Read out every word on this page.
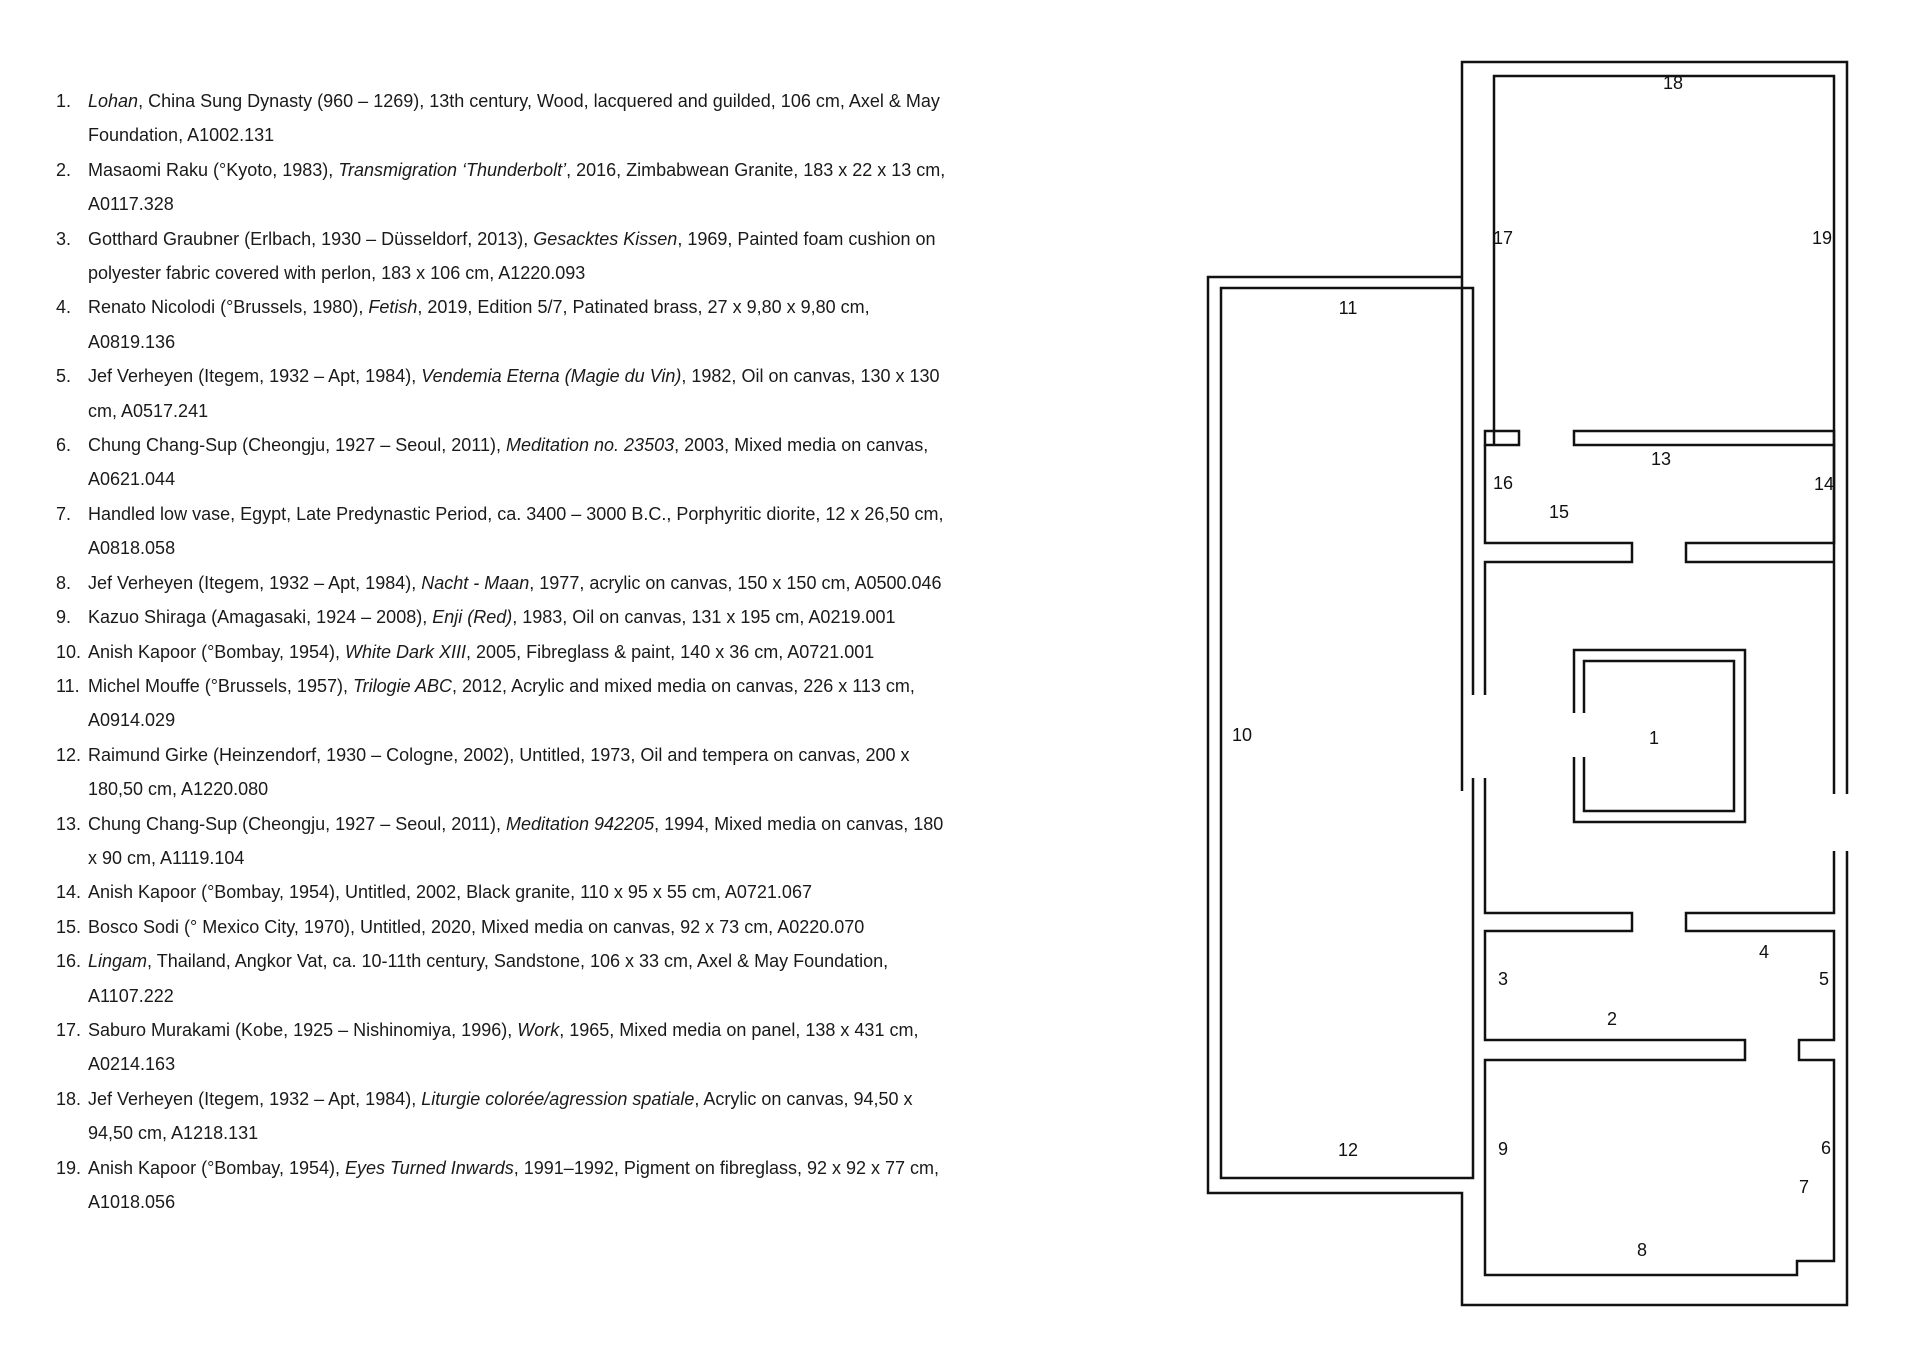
1. Lohan, China Sung Dynasty (960 – 1269), 13th century, Wood, lacquered and guilded, 106 cm, Axel & May Foundation, A1002.131
2. Masaomi Raku (°Kyoto, 1983), Transmigration ‘Thunderbolt’, 2016, Zimbabwean Granite, 183 x 22 x 13 cm, A0117.328
3. Gotthard Graubner (Erlbach, 1930 – Düsseldorf, 2013), Gesacktes Kissen, 1969, Painted foam cushion on polyester fabric covered with perlon, 183 x 106 cm, A1220.093
4. Renato Nicolodi (°Brussels, 1980), Fetish, 2019, Edition 5/7, Patinated brass, 27 x 9,80 x 9,80 cm, A0819.136
5. Jef Verheyen (Itegem, 1932 – Apt, 1984), Vendemia Eterna (Magie du Vin), 1982, Oil on canvas, 130 x 130 cm, A0517.241
6. Chung Chang-Sup (Cheongju, 1927 – Seoul, 2011), Meditation no. 23503, 2003, Mixed media on canvas, A0621.044
7. Handled low vase, Egypt, Late Predynastic Period, ca. 3400 – 3000 B.C., Porphyritic diorite, 12 x 26,50 cm, A0818.058
8. Jef Verheyen (Itegem, 1932 – Apt, 1984), Nacht - Maan, 1977, acrylic on canvas, 150 x 150 cm, A0500.046
9. Kazuo Shiraga (Amagasaki, 1924 – 2008), Enji (Red), 1983, Oil on canvas, 131 x 195 cm, A0219.001
10. Anish Kapoor (°Bombay, 1954), White Dark XIII, 2005, Fibreglass & paint, 140 x 36 cm, A0721.001
11. Michel Mouffe (°Brussels, 1957), Trilogie ABC, 2012, Acrylic and mixed media on canvas, 226 x 113 cm, A0914.029
12. Raimund Girke (Heinzendorf, 1930 – Cologne, 2002), Untitled, 1973, Oil and tempera on canvas, 200 x 180,50 cm, A1220.080
13. Chung Chang-Sup (Cheongju, 1927 – Seoul, 2011), Meditation 942205, 1994, Mixed media on canvas, 180 x 90 cm, A1119.104
14. Anish Kapoor (°Bombay, 1954), Untitled, 2002, Black granite, 110 x 95 x 55 cm, A0721.067
15. Bosco Sodi (° Mexico City, 1970), Untitled, 2020, Mixed media on canvas, 92 x 73 cm, A0220.070
16. Lingam, Thailand, Angkor Vat, ca. 10-11th century, Sandstone, 106 x 33 cm, Axel & May Foundation, A1107.222
17. Saburo Murakami (Kobe, 1925 – Nishinomiya, 1996), Work, 1965, Mixed media on panel, 138 x 431 cm, A0214.163
18. Jef Verheyen (Itegem, 1932 – Apt, 1984), Liturgie colorée/agression spatiale, Acrylic on canvas, 94,50 x 94,50 cm, A1218.131
19. Anish Kapoor (°Bombay, 1954), Eyes Turned Inwards, 1991–1992, Pigment on fibreglass, 92 x 92 x 77 cm, A1018.056
1
2
3
4
5
6
7
8
9
10
11
12
13
14
15
16
17
18
19
